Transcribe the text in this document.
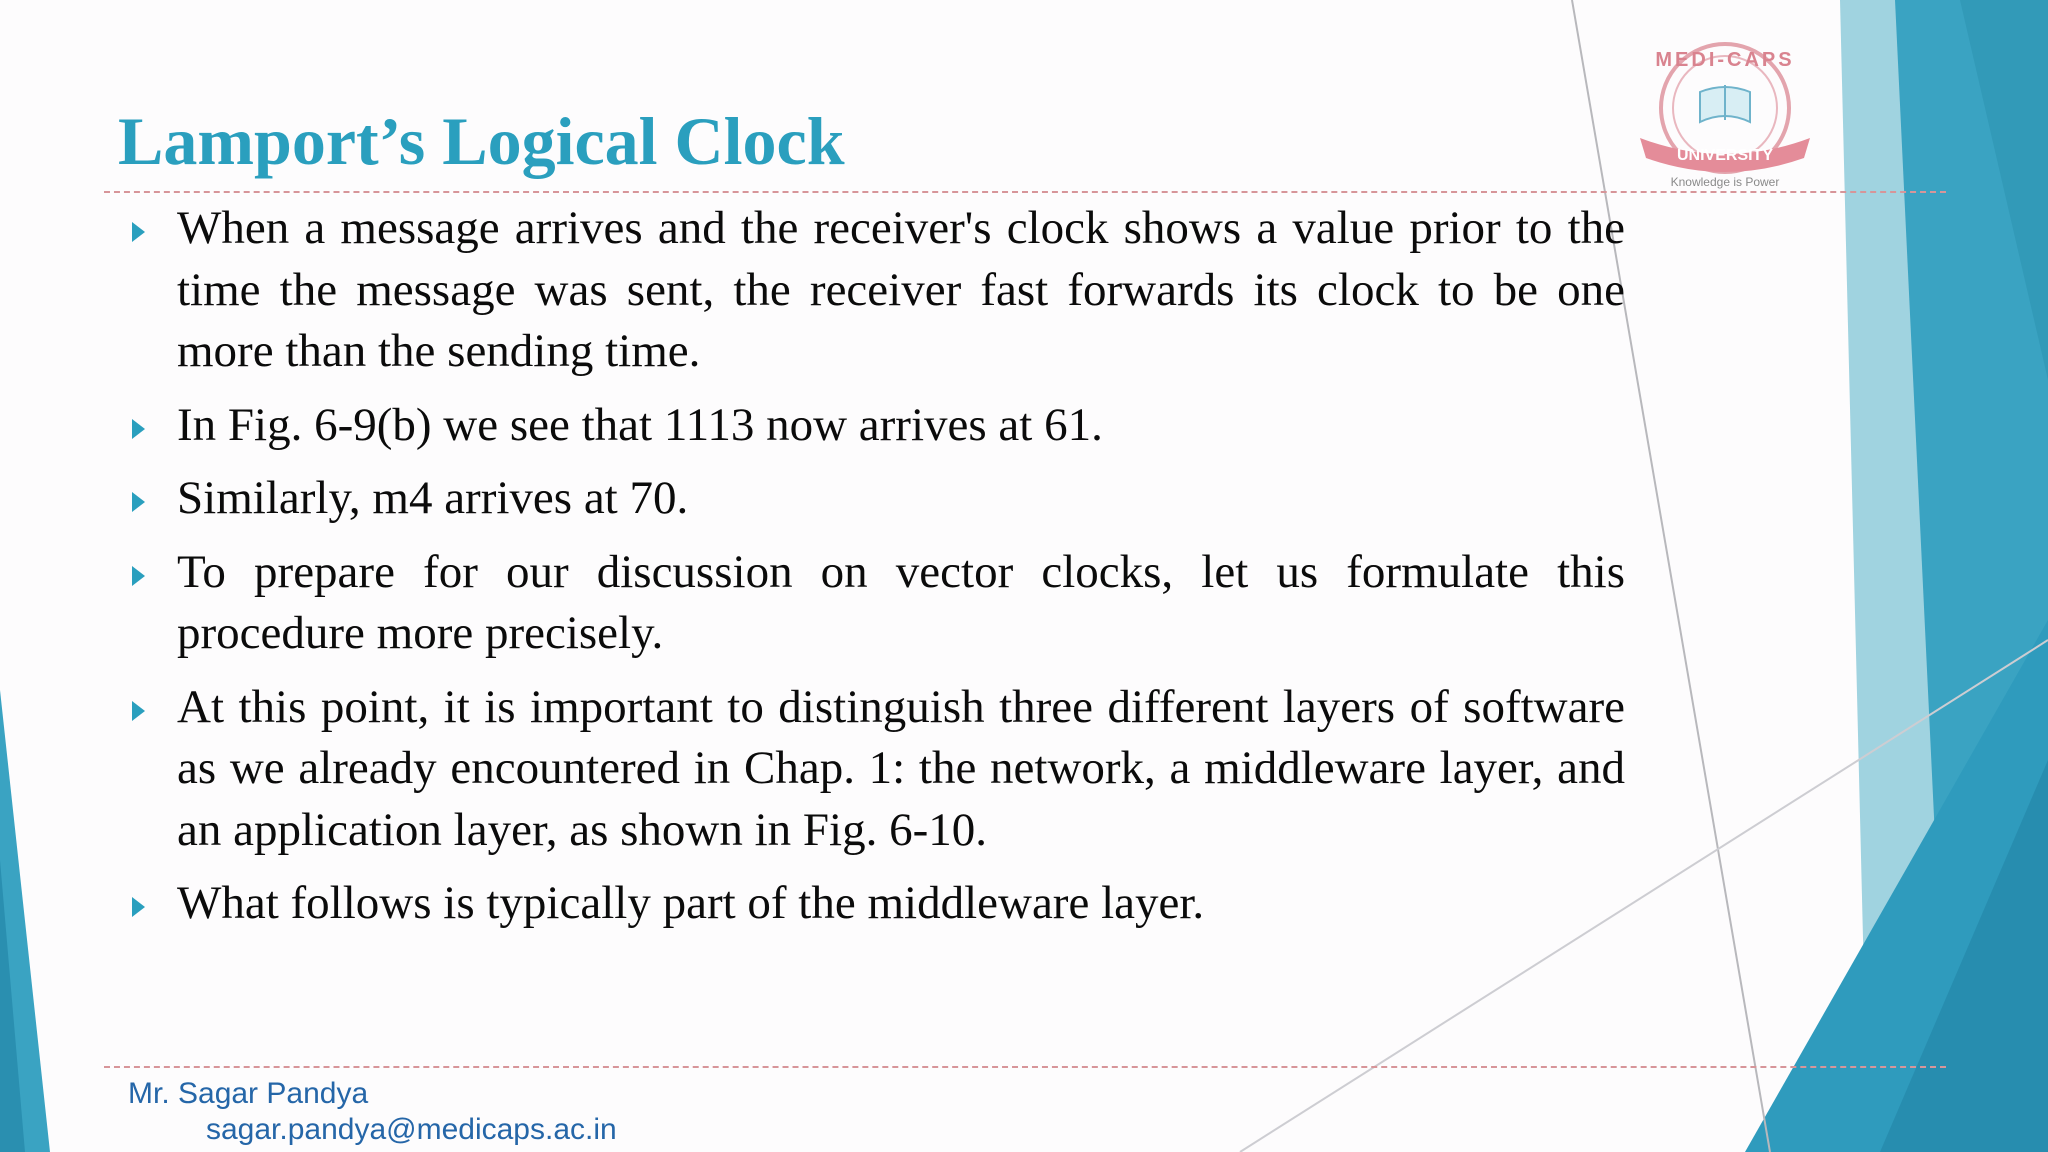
UNIVERSITY
MEDI-CAPS
Knowledge is Power
Lamport’s Logical Clock
When a message arrives and the receiver's clock shows a value prior to the time the message was sent, the receiver fast forwards its clock to be one more than the sending time.
In Fig. 6-9(b) we see that 1113 now arrives at 61.
Similarly, m4 arrives at 70.
To prepare for our discussion on vector clocks, let us formulate this procedure more precisely.
At this point, it is important to distinguish three different layers of software as we already encountered in Chap. 1: the network, a middleware layer, and an application layer, as shown in Fig. 6-10.
What follows is typically part of the middleware layer.
Mr. Sagar Pandya
sagar.pandya@medicaps.ac.in
